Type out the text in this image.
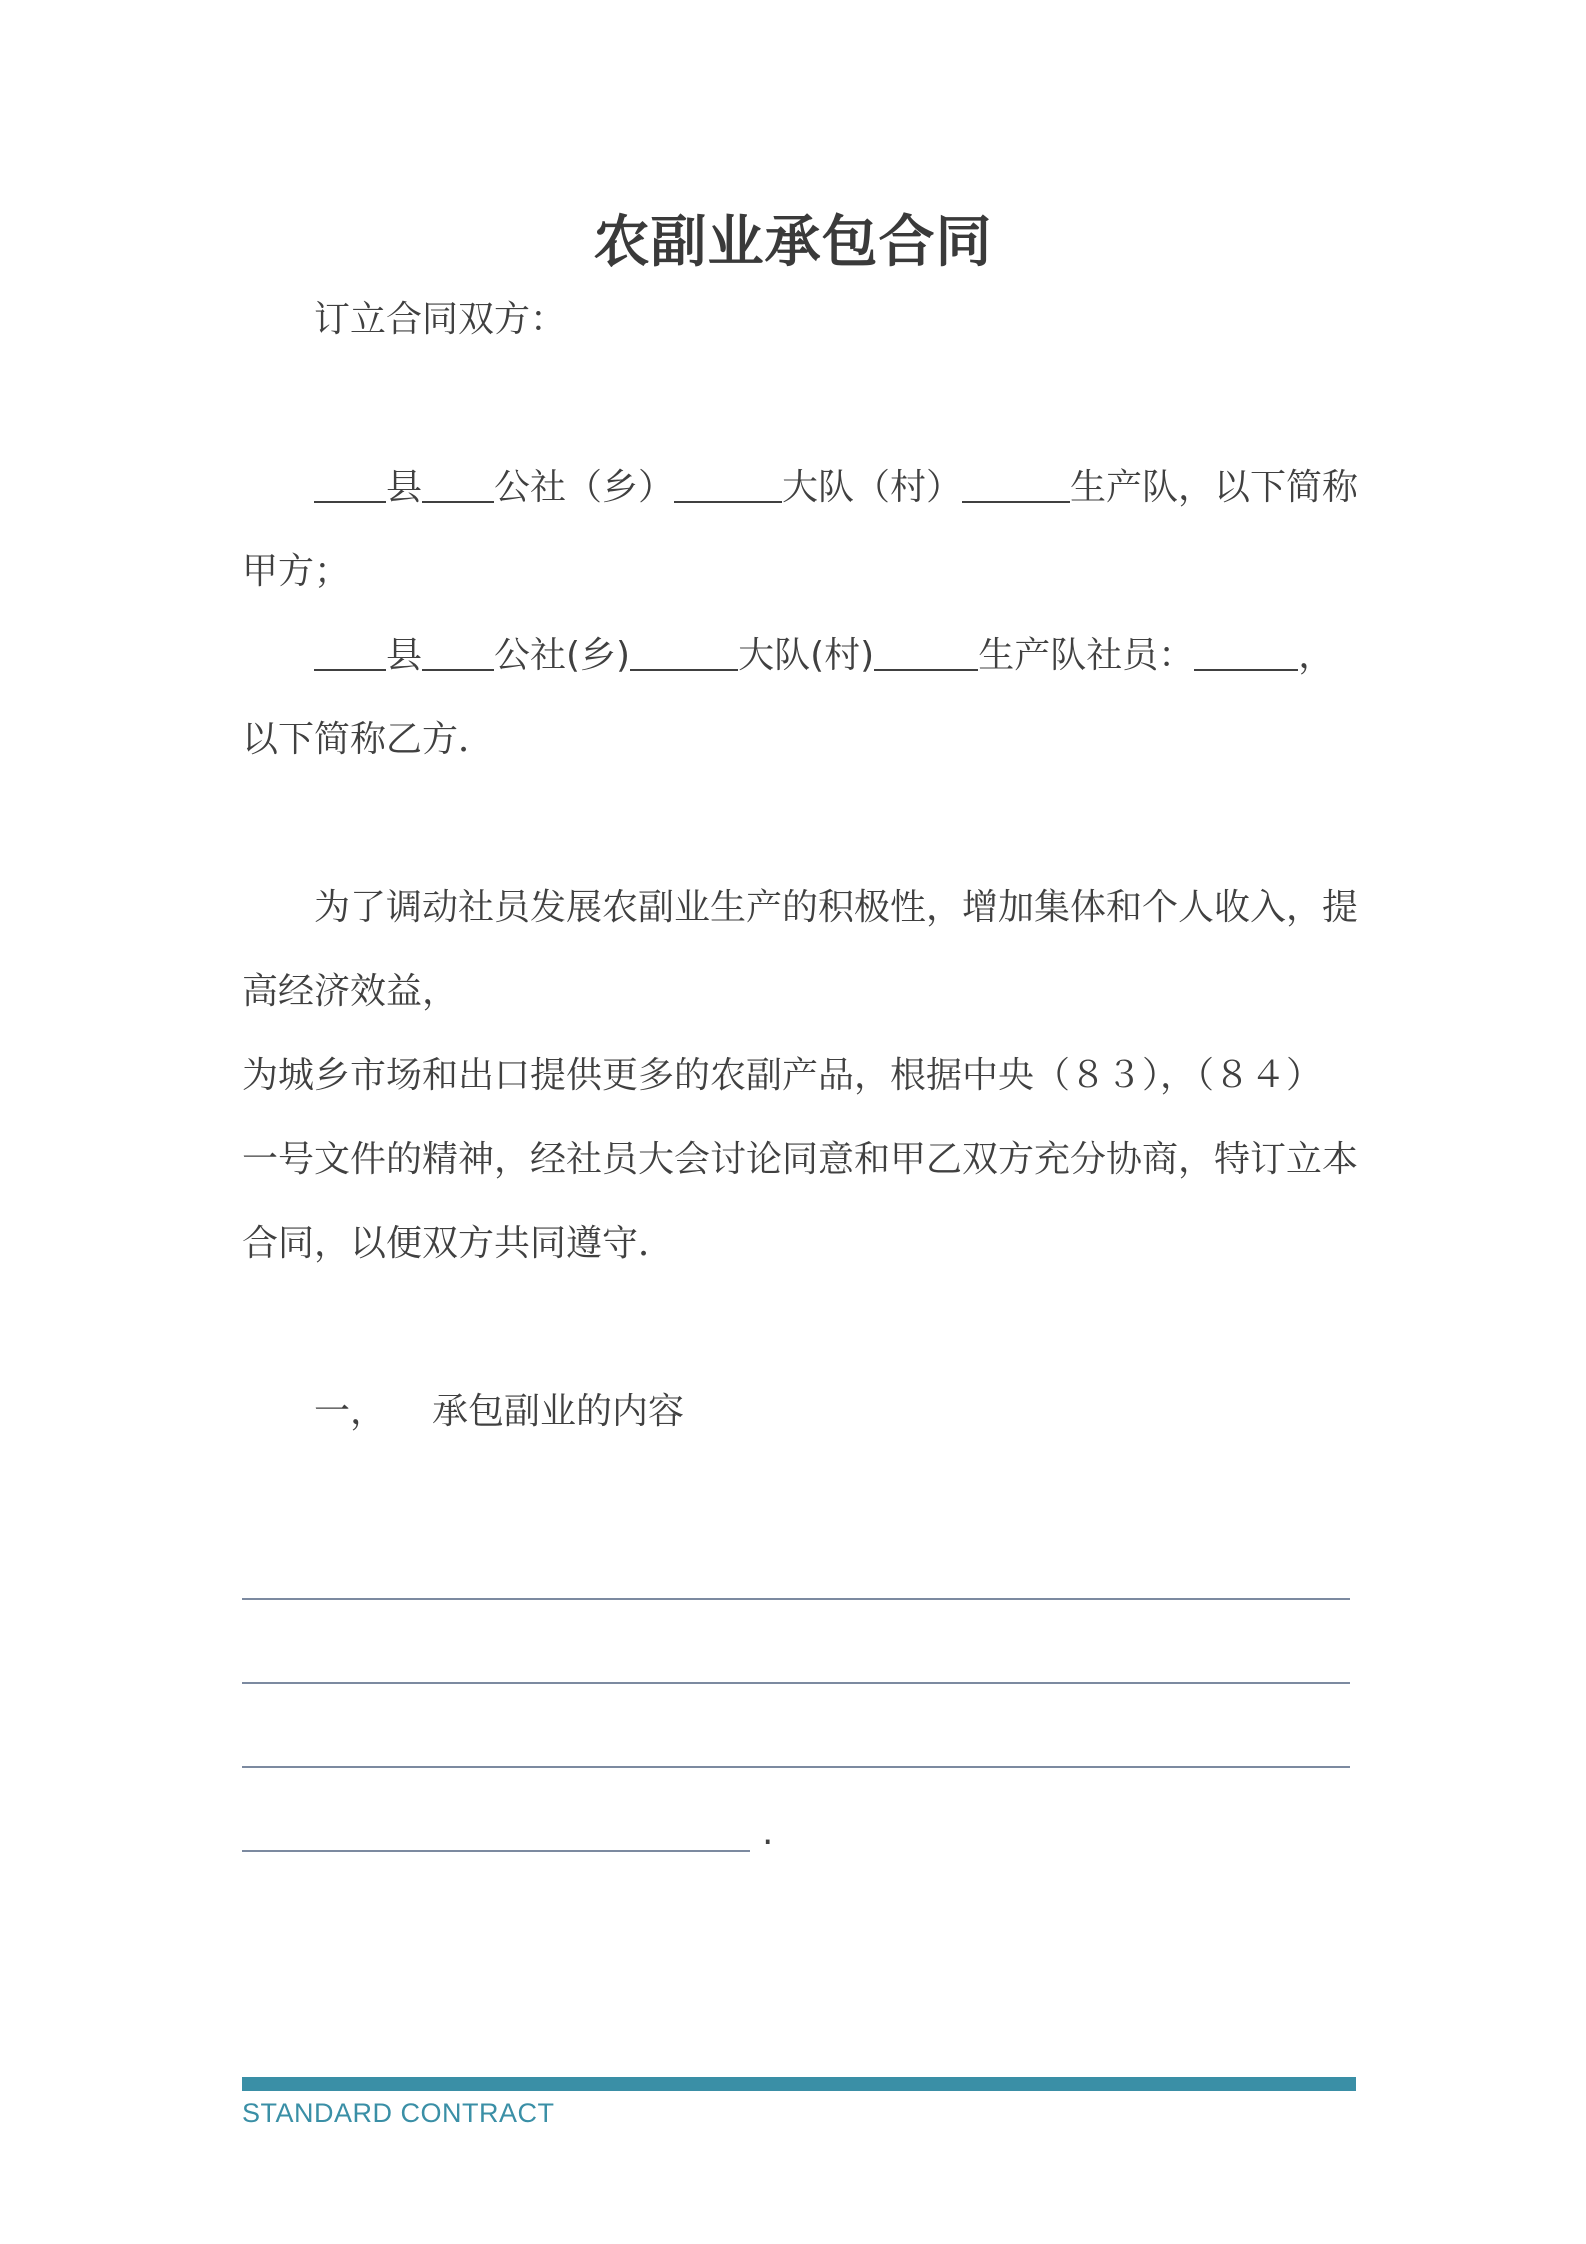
农副业承包合同
订立合同双方：
县 公社（乡）	大队（村）	生产队，以下简称
甲方；
县 公社(乡)	大队(村)	生产队社员：	，
以下简称乙方．
为了调动社员发展农副业生产的积极性，增加集体和个人收入，提
高经济效益，
为城乡市场和出口提供更多的农副产品，根据中央（８３），（８４）
一号文件的精神，经社员大会讨论同意和甲乙双方充分协商，特订立本
合同，以便双方共同遵守．
一， 承包副业的内容
.
STANDARD CONTRACT
